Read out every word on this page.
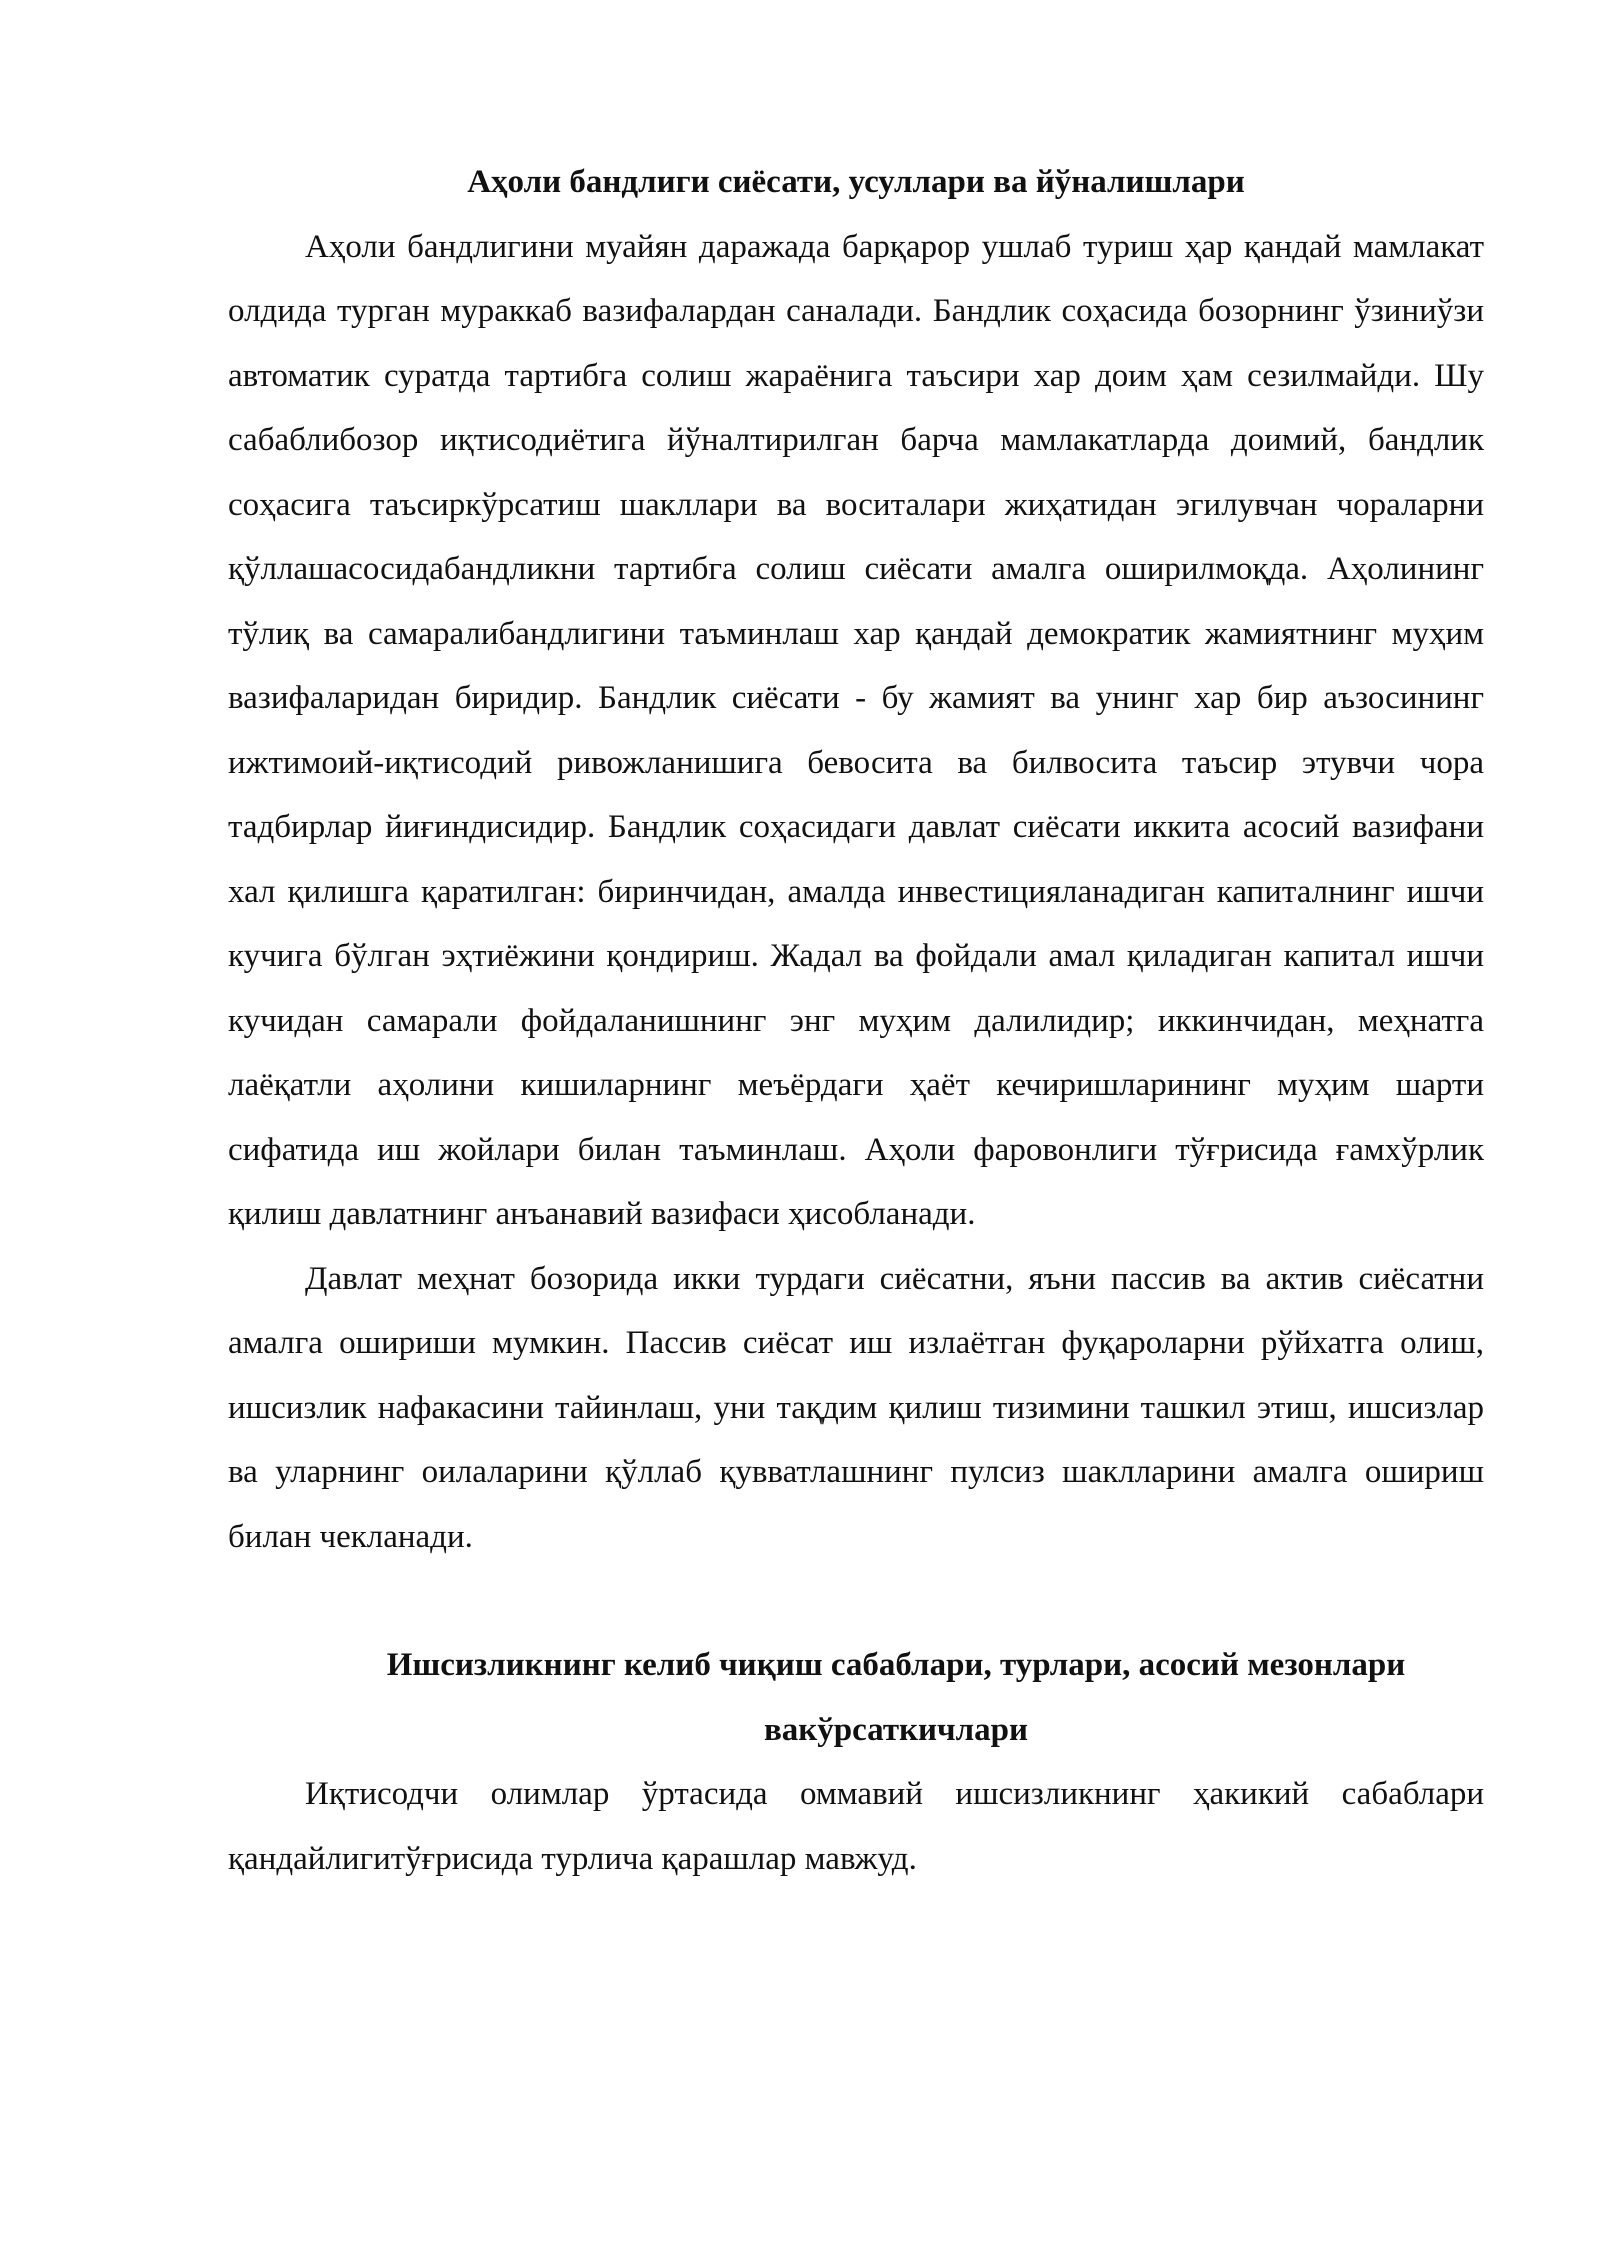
Аҳоли бандлиги сиёсати, усуллари ва йўналишлари

Аҳоли бандлигини муайян даражада барқарор ушлаб туриш ҳар қандай мамлакат олдида турган мураккаб вазифалардан саналади. Бандлик соҳасида бозорнинг ўзиниўзи автоматик суратда тартибга солиш жараёнига таъсири хар доим ҳам сезилмайди. Шу сабаблибозор иқтисодиётига йўналтирилган барча мамлакатларда доимий, бандлик соҳасига таъсиркўрсатиш шакллари ва воситалари жиҳатидан эгилувчан чораларни қўллашасосидабандликни тартибга солиш сиёсати амалга оширилмоқда. Аҳолининг тўлиқ ва самаралибандлигини таъминлаш хар қандай демократик жамиятнинг муҳим вазифаларидан биридир. Бандлик сиёсати - бу жамият ва унинг хар бир аъзосининг ижтимоий-иқтисодий ривожланишига бевосита ва билвосита таъсир этувчи чора тадбирлар йиғиндисидир. Бандлик соҳасидаги давлат сиёсати иккита асосий вазифани хал қилишга қаратилган: биринчидан, амалда инвестицияланадиган капиталнинг ишчи кучига бўлган эҳтиёжини қондириш. Жадал ва фойдали амал қиладиган капитал ишчи кучидан самарали фойдаланишнинг энг муҳим далилидир; иккинчидан, меҳнатга лаёқатли аҳолини кишиларнинг меъёрдаги ҳаёт кечиришларининг муҳим шарти сифатида иш жойлари билан таъминлаш. Аҳоли фаровонлиги тўғрисида ғамхўрлик қилиш давлатнинг анъанавий вазифаси ҳисобланади.

Давлат меҳнат бозорида икки турдаги сиёсатни, яъни пассив ва актив сиёсатни амалга ошириши мумкин. Пассив сиёсат иш излаётган фуқароларни рўйхатга олиш, ишсизлик нафакасини тайинлаш, уни тақдим қилиш тизимини ташкил этиш, ишсизлар ва уларнинг оилаларини қўллаб қувватлашнинг пулсиз шаклларини амалга ошириш билан чекланади.

Ишсизликнинг келиб чиқиш сабаблари, турлари, асосий мезонлари вакўрсаткичлари

Иқтисодчи олимлар ўртасида оммавий ишсизликнинг ҳакикий сабаблари қандайлигитўғрисида турлича қарашлар мавжуд.
